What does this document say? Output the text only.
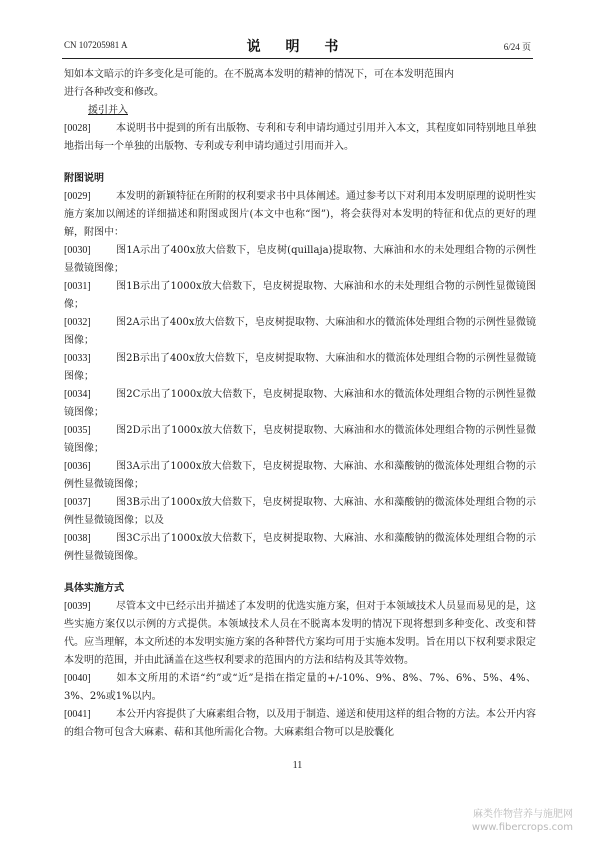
CN 107205981 A	说 明 书	6/24 页

知如本文暗示的许多变化是可能的。在不脱离本发明的精神的情况下，可在本发明范围内

进行各种改变和修改。

援引并入

[0028]	本说明书中提到的所有出版物、专利和专利申请均通过引用并入本文，其程度如同特别地且单独地指出每一个单独的出版物、专利或专利申请均通过引用而并入。

附图说明

[0029]	本发明的新颖特征在所附的权利要求书中具体阐述。通过参考以下对利用本发明原理的说明性实施方案加以阐述的详细描述和附图或图片(本文中也称“图”)，将会获得对本发明的特征和优点的更好的理解，附图中：

[0030]	图1A示出了400x放大倍数下，皂皮树(quillaja)提取物、大麻油和水的未处理组合物的示例性显微镜图像；

[0031]	图1B示出了1000x放大倍数下，皂皮树提取物、大麻油和水的未处理组合物的示例性显微镜图像；

[0032]	图2A示出了400x放大倍数下，皂皮树提取物、大麻油和水的微流体处理组合物的示例性显微镜图像；

[0033]	图2B示出了400x放大倍数下，皂皮树提取物、大麻油和水的微流体处理组合物的示例性显微镜图像；

[0034]	图2C示出了1000x放大倍数下，皂皮树提取物、大麻油和水的微流体处理组合物的示例性显微镜图像；

[0035]	图2D示出了1000x放大倍数下，皂皮树提取物、大麻油和水的微流体处理组合物的示例性显微镜图像；

[0036]	图3A示出了1000x放大倍数下，皂皮树提取物、大麻油、水和藻酸钠的微流体处理组合物的示例性显微镜图像；

[0037]	图3B示出了1000x放大倍数下，皂皮树提取物、大麻油、水和藻酸钠的微流体处理组合物的示例性显微镜图像；以及

[0038]	图3C示出了1000x放大倍数下，皂皮树提取物、大麻油、水和藻酸钠的微流体处理组合物的示例性显微镜图像。

具体实施方式

[0039]	尽管本文中已经示出并描述了本发明的优选实施方案，但对于本领域技术人员显而易见的是，这些实施方案仅以示例的方式提供。本领域技术人员在不脱离本发明的情况下现将想到多种变化、改变和替代。应当理解，本文所述的本发明实施方案的各种替代方案均可用于实施本发明。旨在用以下权利要求限定本发明的范围，并由此涵盖在这些权利要求的范围内的方法和结构及其等效物。

[0040]	如本文所用的术语“约”或“近”是指在指定量的+/-10%、9%、8%、7%、6%、5%、4%、3%、2%或1%以内。

[0041]	本公开内容提供了大麻素组合物，以及用于制造、递送和使用这样的组合物的方法。本公开内容的组合物可包含大麻素、萜和其他所需化合物。大麻素组合物可以是胶囊化

11
麻类作物营养与施肥网
www.fibercrops.com
